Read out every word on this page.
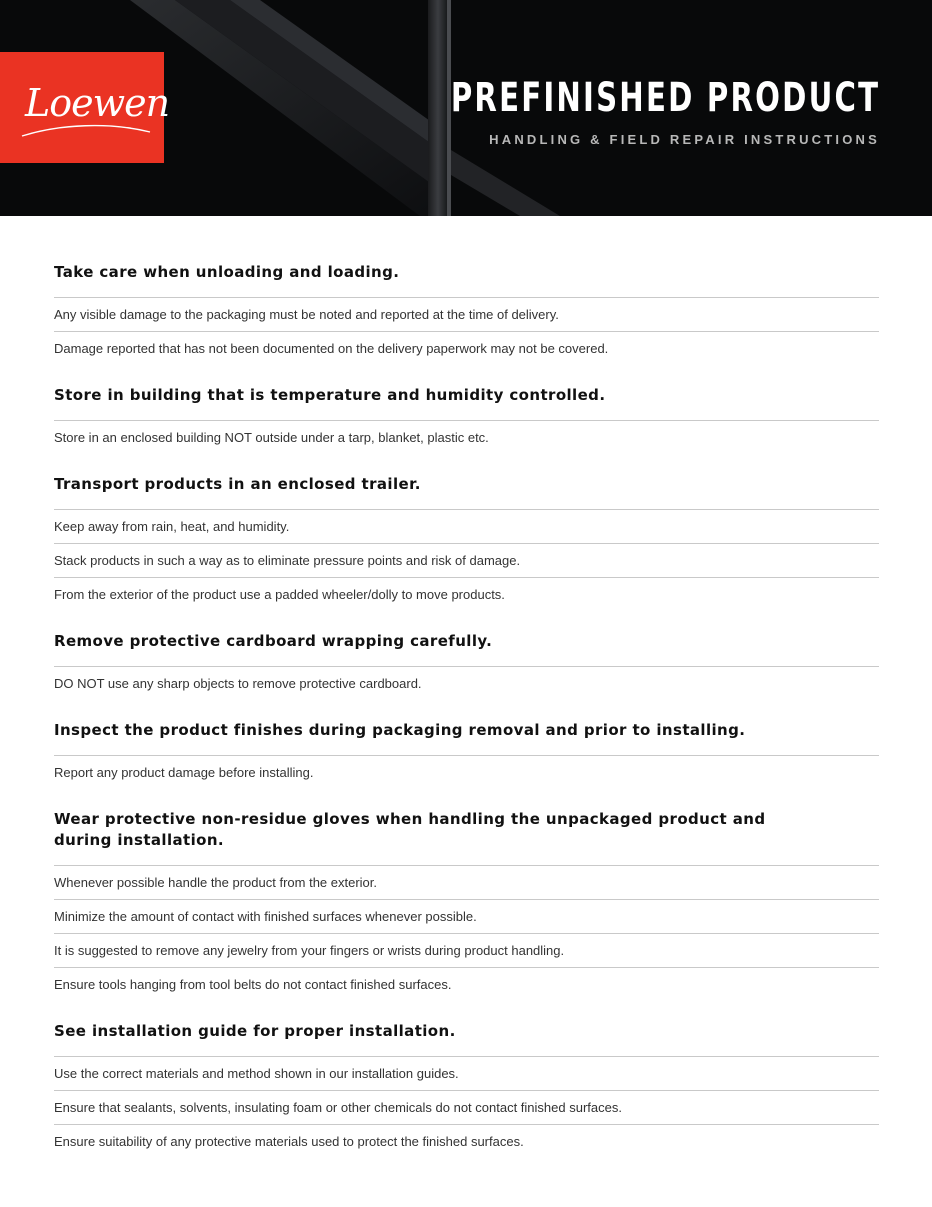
Loewen	PREFINISHED PRODUCT
HANDLING & FIELD REPAIR INSTRUCTIONS
Take care when unloading and loading.
Any visible damage to the packaging must be noted and reported at the time of delivery.
Damage reported that has not been documented on the delivery paperwork may not be covered.
Store in building that is temperature and humidity controlled.
Store in an enclosed building NOT outside under a tarp, blanket, plastic etc.
Transport products in an enclosed trailer.
Keep away from rain, heat, and humidity.
Stack products in such a way as to eliminate pressure points and risk of damage.
From the exterior of the product use a padded wheeler/dolly to move products.
Remove protective cardboard wrapping carefully.
DO NOT use any sharp objects to remove protective cardboard.
Inspect the product finishes during packaging removal and prior to installing.
Report any product damage before installing.
Wear protective non-residue gloves when handling the unpackaged product and during installation.
Whenever possible handle the product from the exterior.
Minimize the amount of contact with finished surfaces whenever possible.
It is suggested to remove any jewelry from your fingers or wrists during product handling.
Ensure tools hanging from tool belts do not contact finished surfaces.
See installation guide for proper installation.
Use the correct materials and method shown in our installation guides.
Ensure that sealants, solvents, insulating foam or other chemicals do not contact finished surfaces.
Ensure suitability of any protective materials used to protect the finished surfaces.
